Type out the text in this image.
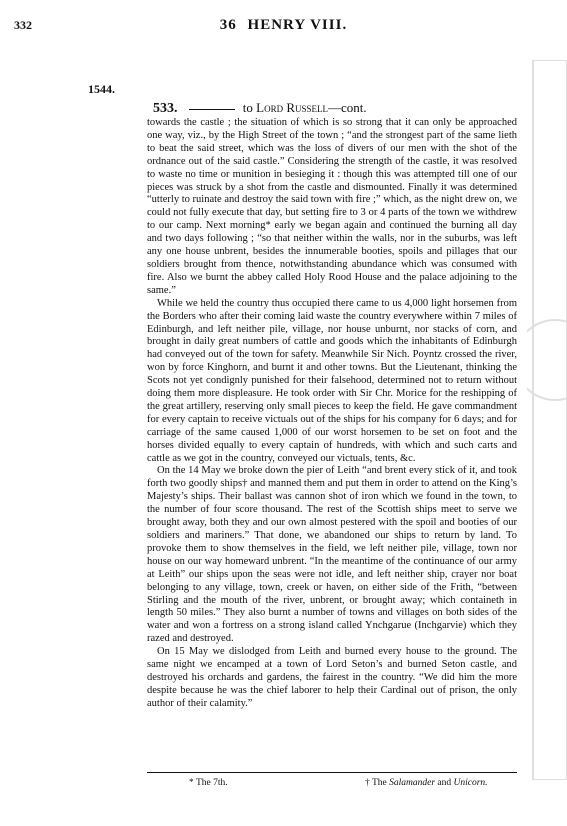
332	36 HENRY VIII.
1544.
533.	to Lord Russell—cont.

towards the castle ; the situation of which is so strong that it can only be approached one way, viz., by the High Street of the town ; “and the strongest part of the same lieth to beat the said street, which was the loss of divers of our men with the shot of the ordnance out of the said castle.” Considering the strength of the castle, it was resolved to waste no time or munition in besieging it : though this was attempted till one of our pieces was struck by a shot from the castle and dismounted. Finally it was determined “utterly to ruinate and destroy the said town with fire ;” which, as the night drew on, we could not fully execute that day, but setting fire to 3 or 4 parts of the town we withdrew to our camp. Next morning* early we began again and continued the burning all day and two days following ; “so that neither within the walls, nor in the suburbs, was left any one house unbrent, besides the innumerable booties, spoils and pillages that our soldiers brought from thence, notwithstanding abundance which was consumed with fire. Also we burnt the abbey called Holy Rood House and the palace adjoining to the same.”

While we held the country thus occupied there came to us 4,000 light horsemen from the Borders who after their coming laid waste the country everywhere within 7 miles of Edinburgh, and left neither pile, village, nor house unburnt, nor stacks of corn, and brought in daily great numbers of cattle and goods which the inhabitants of Edinburgh had conveyed out of the town for safety. Meanwhile Sir Nich. Poyntz crossed the river, won by force Kinghorn, and burnt it and other towns. But the Lieutenant, thinking the Scots not yet condignly punished for their falsehood, determined not to return without doing them more displeasure. He took order with Sir Chr. Morice for the reshipping of the great artillery, reserving only small pieces to keep the field. He gave commandment for every captain to receive victuals out of the ships for his company for 6 days; and for carriage of the same caused 1,000 of our worst horsemen to be set on foot and the horses divided equally to every captain of hundreds, with which and such carts and cattle as we got in the country, conveyed our victuals, tents, &c.

On the 14 May we broke down the pier of Leith “and brent every stick of it, and took forth two goodly ships† and manned them and put them in order to attend on the King’s Majesty’s ships. Their ballast was cannon shot of iron which we found in the town, to the number of four score thousand. The rest of the Scottish ships meet to serve we brought away, both they and our own almost pestered with the spoil and booties of our soldiers and mariners.” That done, we abandoned our ships to return by land. To provoke them to show themselves in the field, we left neither pile, village, town nor house on our way homeward unbrent. “In the meantime of the continuance of our army at Leith” our ships upon the seas were not idle, and left neither ship, crayer nor boat belonging to any village, town, creek or haven, on either side of the Frith, “between Stirling and the mouth of the river, unbrent, or brought away; which containeth in length 50 miles.” They also burnt a number of towns and villages on both sides of the water and won a fortress on a strong island called Ynchgarue (Inchgarvie) which they razed and destroyed.

On 15 May we dislodged from Leith and burned every house to the ground. The same night we encamped at a town of Lord Seton’s and burned Seton castle, and destroyed his orchards and gardens, the fairest in the country. “We did him the more despite because he was the chief laborer to help their Cardinal out of prison, the only author of their calamity.”

* The 7th.	† The Salamander and Unicorn.
